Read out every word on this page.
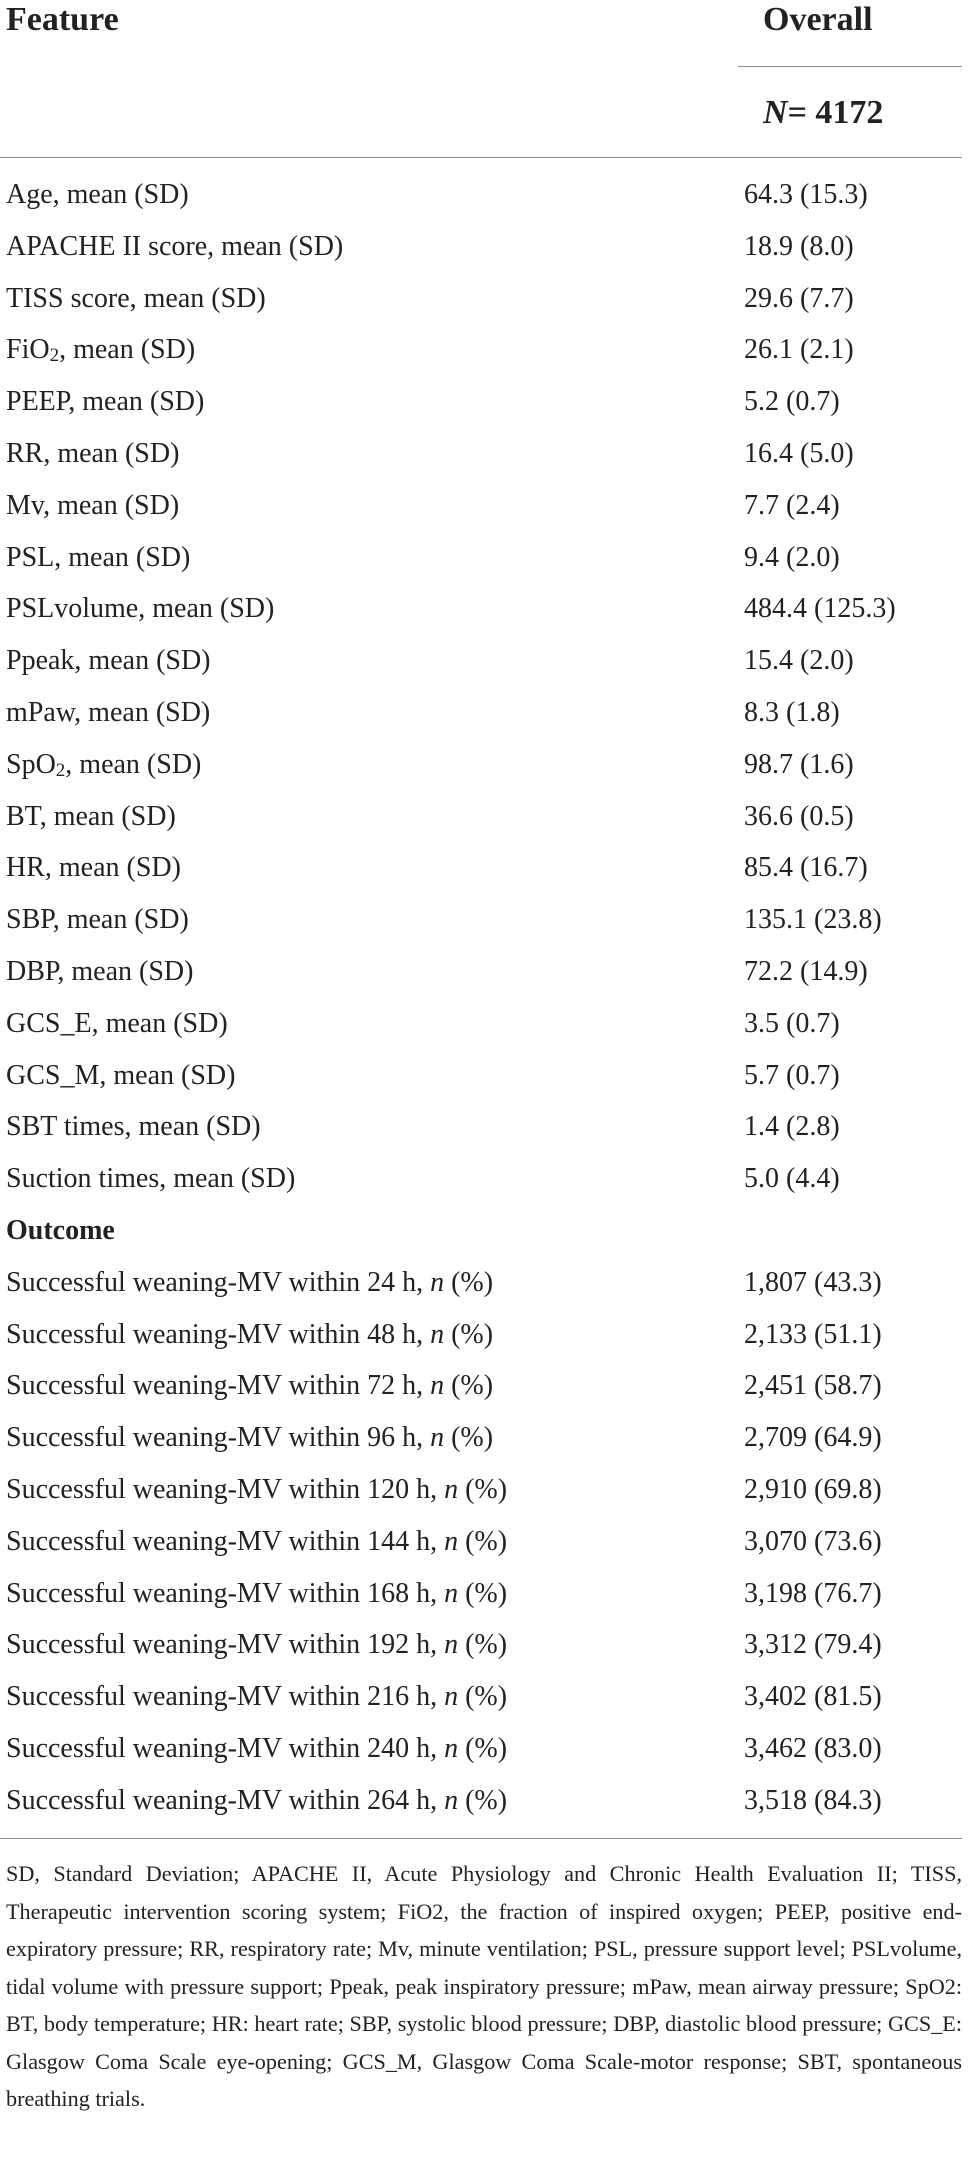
Feature	Overall
N= 4172
Age, mean (SD)	64.3 (15.3)
APACHE II score, mean (SD)	18.9 (8.0)
TISS score, mean (SD)	29.6 (7.7)
FiO$_2$, mean (SD)	26.1 (2.1)
PEEP, mean (SD)	5.2 (0.7)
RR, mean (SD)	16.4 (5.0)
Mv, mean (SD)	7.7 (2.4)
PSL, mean (SD)	9.4 (2.0)
PSLvolume, mean (SD)	484.4 (125.3)
Ppeak, mean (SD)	15.4 (2.0)
mPaw, mean (SD)	8.3 (1.8)
SpO$_2$, mean (SD)	98.7 (1.6)
BT, mean (SD)	36.6 (0.5)
HR, mean (SD)	85.4 (16.7)
SBP, mean (SD)	135.1 (23.8)
DBP, mean (SD)	72.2 (14.9)
GCS_E, mean (SD)	3.5 (0.7)
GCS_M, mean (SD)	5.7 (0.7)
SBT times, mean (SD)	1.4 (2.8)
Suction times, mean (SD)	5.0 (4.4)
Outcome
Successful weaning-MV within 24 h, n (%)	1,807 (43.3)
Successful weaning-MV within 48 h, n (%)	2,133 (51.1)
Successful weaning-MV within 72 h, n (%)	2,451 (58.7)
Successful weaning-MV within 96 h, n (%)	2,709 (64.9)
Successful weaning-MV within 120 h, n (%)	2,910 (69.8)
Successful weaning-MV within 144 h, n (%)	3,070 (73.6)
Successful weaning-MV within 168 h, n (%)	3,198 (76.7)
Successful weaning-MV within 192 h, n (%)	3,312 (79.4)
Successful weaning-MV within 216 h, n (%)	3,402 (81.5)
Successful weaning-MV within 240 h, n (%)	3,462 (83.0)
Successful weaning-MV within 264 h, n (%)	3,518 (84.3)
SD, Standard Deviation; APACHE II, Acute Physiology and Chronic Health Evaluation II; TISS, Therapeutic intervention scoring system; FiO2, the fraction of inspired oxygen; PEEP, positive end-expiratory pressure; RR, respiratory rate; Mv, minute ventilation; PSL, pressure support level; PSLvolume, tidal volume with pressure support; Ppeak, peak inspiratory pressure; mPaw, mean airway pressure; SpO2: BT, body temperature; HR: heart rate; SBP, systolic blood pressure; DBP, diastolic blood pressure; GCS_E: Glasgow Coma Scale eye-opening; GCS_M, Glasgow Coma Scale-motor response; SBT, spontaneous breathing trials.
